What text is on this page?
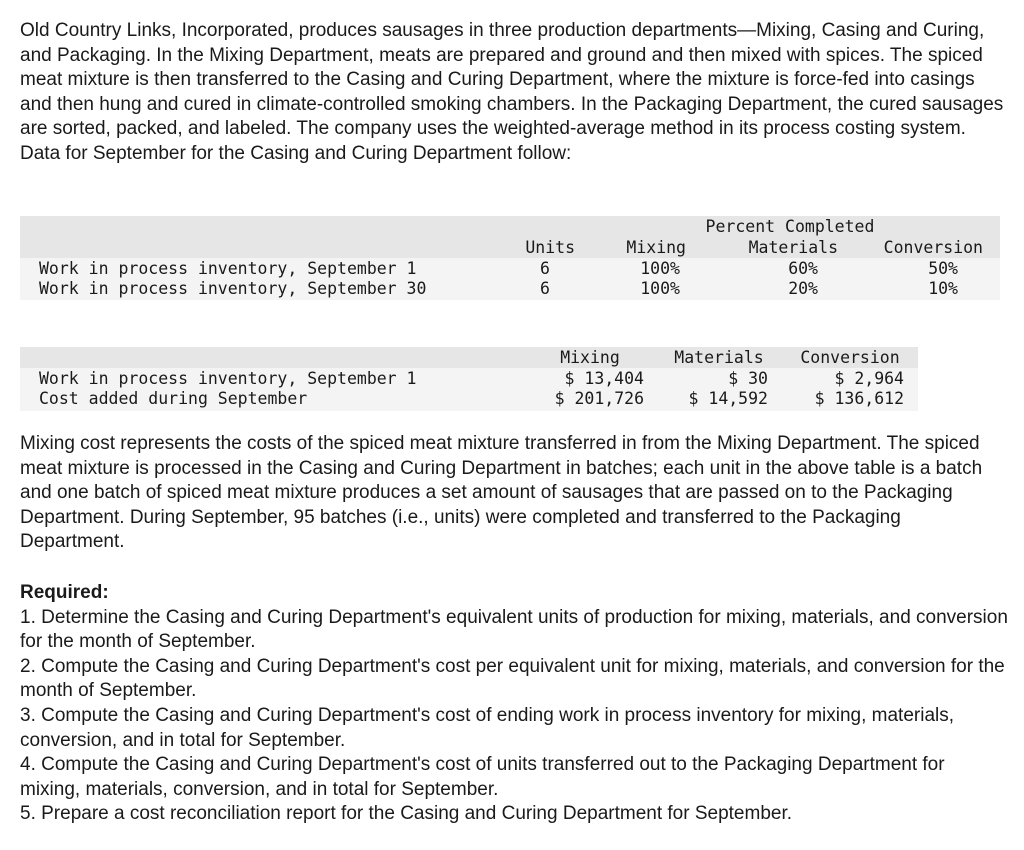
Old Country Links, Incorporated, produces sausages in three production departments—Mixing, Casing and Curing, and Packaging. In the Mixing Department, meats are prepared and ground and then mixed with spices. The spiced meat mixture is then transferred to the Casing and Curing Department, where the mixture is force-fed into casings and then hung and cured in climate-controlled smoking chambers. In the Packaging Department, the cured sausages are sorted, packed, and labeled. The company uses the weighted-average method in its process costing system. Data for September for the Casing and Curing Department follow:

Percent Completed
Units	Mixing	Materials	Conversion
Work in process inventory, September 1	6	100%	60%	50%
Work in process inventory, September 30	6	100%	20%	10%
Mixing	Materials	Conversion
Work in process inventory, September 1	$ 13,404	$ 30	$ 2,964
Cost added during September	$ 201,726	$ 14,592	$ 136,612

Mixing cost represents the costs of the spiced meat mixture transferred in from the Mixing Department. The spiced meat mixture is processed in the Casing and Curing Department in batches; each unit in the above table is a batch and one batch of spiced meat mixture produces a set amount of sausages that are passed on to the Packaging Department. During September, 95 batches (i.e., units) were completed and transferred to the Packaging Department.

Required:
1. Determine the Casing and Curing Department's equivalent units of production for mixing, materials, and conversion for the month of September.
2. Compute the Casing and Curing Department's cost per equivalent unit for mixing, materials, and conversion for the month of September.
3. Compute the Casing and Curing Department's cost of ending work in process inventory for mixing, materials, conversion, and in total for September.
4. Compute the Casing and Curing Department's cost of units transferred out to the Packaging Department for mixing, materials, conversion, and in total for September.
5. Prepare a cost reconciliation report for the Casing and Curing Department for September.
